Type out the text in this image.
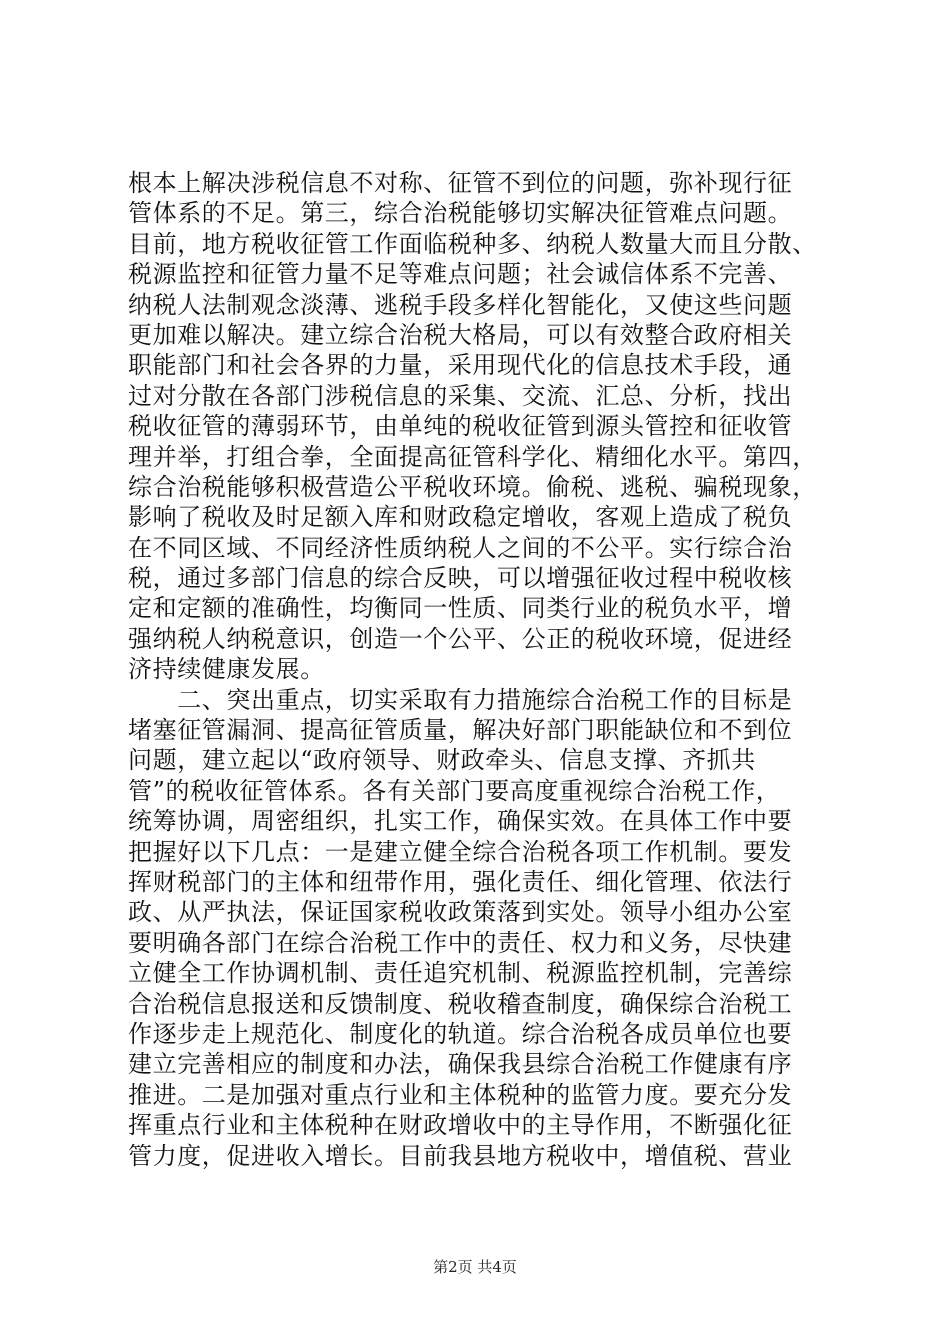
根本上解决涉税信息不对称、征管不到位的问题，弥补现行征
管体系的不足。第三，综合治税能够切实解决征管难点问题。
目前，地方税收征管工作面临税种多、纳税人数量大而且分散、
税源监控和征管力量不足等难点问题；社会诚信体系不完善、
纳税人法制观念淡薄、逃税手段多样化智能化，又使这些问题
更加难以解决。建立综合治税大格局，可以有效整合政府相关
职能部门和社会各界的力量，采用现代化的信息技术手段，通
过对分散在各部门涉税信息的采集、交流、汇总、分析，找出
税收征管的薄弱环节，由单纯的税收征管到源头管控和征收管
理并举，打组合拳，全面提高征管科学化、精细化水平。第四，
综合治税能够积极营造公平税收环境。偷税、逃税、骗税现象，
影响了税收及时足额入库和财政稳定增收，客观上造成了税负
在不同区域、不同经济性质纳税人之间的不公平。实行综合治
税，通过多部门信息的综合反映，可以增强征收过程中税收核
定和定额的准确性，均衡同一性质、同类行业的税负水平，增
强纳税人纳税意识，创造一个公平、公正的税收环境，促进经
济持续健康发展。
　　二、突出重点，切实采取有力措施综合治税工作的目标是
堵塞征管漏洞、提高征管质量，解决好部门职能缺位和不到位
问题，建立起以“政府领导、财政牵头、信息支撑、齐抓共
管”的税收征管体系。各有关部门要高度重视综合治税工作，
统筹协调，周密组织，扎实工作，确保实效。在具体工作中要
把握好以下几点：一是建立健全综合治税各项工作机制。要发
挥财税部门的主体和纽带作用，强化责任、细化管理、依法行
政、从严执法，保证国家税收政策落到实处。领导小组办公室
要明确各部门在综合治税工作中的责任、权力和义务，尽快建
立健全工作协调机制、责任追究机制、税源监控机制，完善综
合治税信息报送和反馈制度、税收稽查制度，确保综合治税工
作逐步走上规范化、制度化的轨道。综合治税各成员单位也要
建立完善相应的制度和办法，确保我县综合治税工作健康有序
推进。二是加强对重点行业和主体税种的监管力度。要充分发
挥重点行业和主体税种在财政增收中的主导作用，不断强化征
管力度，促进收入增长。目前我县地方税收中，增值税、营业
第2页 共4页
